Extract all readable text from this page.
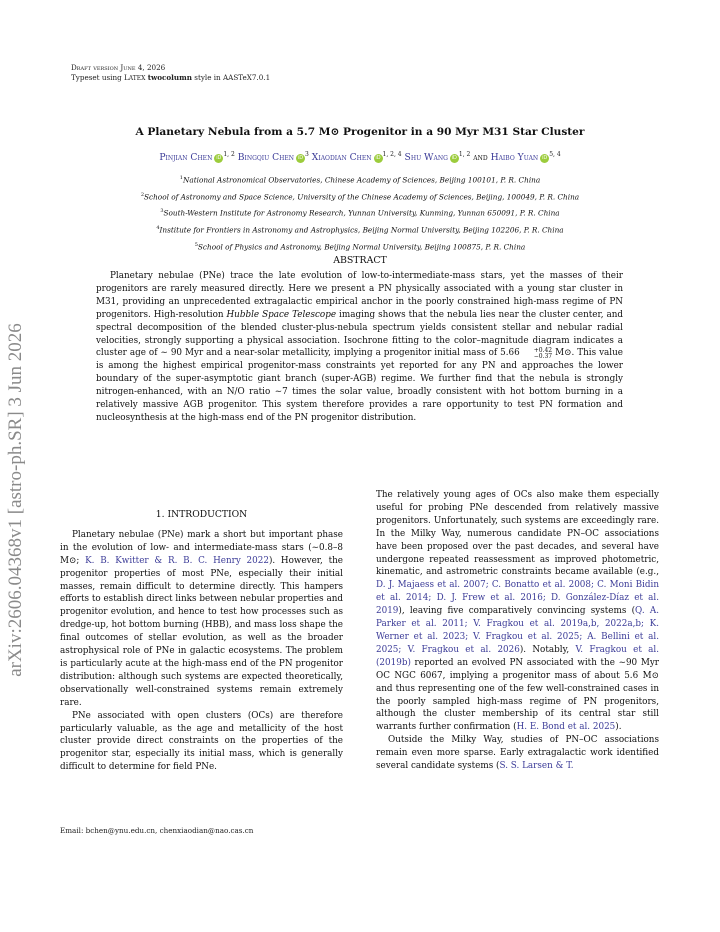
Draft version June 4, 2026
Typeset using LATEX twocolumn style in AASTeX7.0.1
arXiv:2606.04368v1 [astro-ph.SR] 3 Jun 2026
A Planetary Nebula from a 5.7 M⊙ Progenitor in a 90 Myr M31 Star Cluster
Pinjian Chen iD$^{1, 2}$ Bingqiu Chen $iD^3$ Xiaodian Chen iD$^{1, 2, 4}$ Shu Wang iD$^{1, 2}$ and Haibo Yuan iD$^{5, 4}$
$^1$National Astronomical Observatories, Chinese Academy of Sciences, Beijing 100101, P. R. China
$^2$School of Astronomy and Space Science, University of the Chinese Academy of Sciences, Beijing, 100049, P. R. China
$^3$South-Western Institute for Astronomy Research, Yunnan University, Kunming, Yunnan 650091, P. R. China
$^4$Institute for Frontiers in Astronomy and Astrophysics, Beijing Normal University, Beijing 102206, P. R. China
$^5$School of Physics and Astronomy, Beijing Normal University, Beijing 100875, P. R. China
ABSTRACT
Planetary nebulae (PNe) trace the late evolution of low-to-intermediate-mass stars, yet the masses of their progenitors are rarely measured directly. Here we present a PN physically associated with a young star cluster in M31, providing an unprecedented extragalactic empirical anchor in the poorly constrained high-mass regime of PN progenitors. High-resolution Hubble Space Telescope imaging shows that the nebula lies near the cluster center, and spectral decomposition of the blended cluster-plus-nebula spectrum yields consistent stellar and nebular radial velocities, strongly supporting a physical association. Isochrone fitting to the color–magnitude diagram indicates a cluster age of ∼ 90 Myr and a near-solar metallicity, implying a progenitor initial mass of 5.66	+0.42
−0.37 M⊙. This value is among the highest empirical progenitor-mass constraints yet reported for any PN and approaches the lower boundary of the super-asymptotic giant branch (super-AGB) regime. We further find that the nebula is strongly nitrogen-enhanced, with an N/O ratio ∼7 times the solar value, broadly consistent with hot bottom burning in a relatively massive AGB progenitor. This system therefore provides a rare opportunity to test PN formation and nucleosynthesis at the high-mass end of the PN progenitor distribution.
1. INTRODUCTION

Planetary nebulae (PNe) mark a short but important phase in the evolution of low- and intermediate-mass stars (∼0.8–8 M⊙; K. B. Kwitter & R. B. C. Henry 2022). However, the progenitor properties of most PNe, especially their initial masses, remain difficult to determine directly. This hampers efforts to establish direct links between nebular properties and progenitor evolution, and hence to test how processes such as dredge-up, hot bottom burning (HBB), and mass loss shape the final outcomes of stellar evolution, as well as the broader astrophysical role of PNe in galactic ecosystems. The problem is particularly acute at the high-mass end of the PN progenitor distribution: although such systems are expected theoretically, observationally well-constrained systems remain extremely rare.

PNe associated with open clusters (OCs) are therefore particularly valuable, as the age and metallicity of the host cluster provide direct constraints on the properties of the progenitor star, especially its initial mass, which is generally difficult to determine for field PNe.

The relatively young ages of OCs also make them especially useful for probing PNe descended from relatively massive progenitors. Unfortunately, such systems are exceedingly rare. In the Milky Way, numerous candidate PN–OC associations have been proposed over the past decades, and several have undergone repeated reassessment as improved photometric, kinematic, and astrometric constraints became available (e.g., D. J. Majaess et al. 2007; C. Bonatto et al. 2008; C. Moni Bidin et al. 2014; D. J. Frew et al. 2016; D. González-Díaz et al. 2019), leaving five comparatively convincing systems (Q. A. Parker et al. 2011; V. Fragkou et al. 2019a,b, 2022a,b; K. Werner et al. 2023; V. Fragkou et al. 2025; A. Bellini et al. 2025; V. Fragkou et al. 2026). Notably, V. Fragkou et al. (2019b) reported an evolved PN associated with the ∼90 Myr OC NGC 6067, implying a progenitor mass of about 5.6 M⊙ and thus representing one of the few well-constrained cases in the poorly sampled high-mass regime of PN progenitors, although the cluster membership of its central star still warrants further confirmation (H. E. Bond et al. 2025).

Outside the Milky Way, studies of PN–OC associations remain even more sparse. Early extragalactic work identified several candidate systems (S. S. Larsen & T.

Email: bchen@ynu.edu.cn, chenxiaodian@nao.cas.cn
